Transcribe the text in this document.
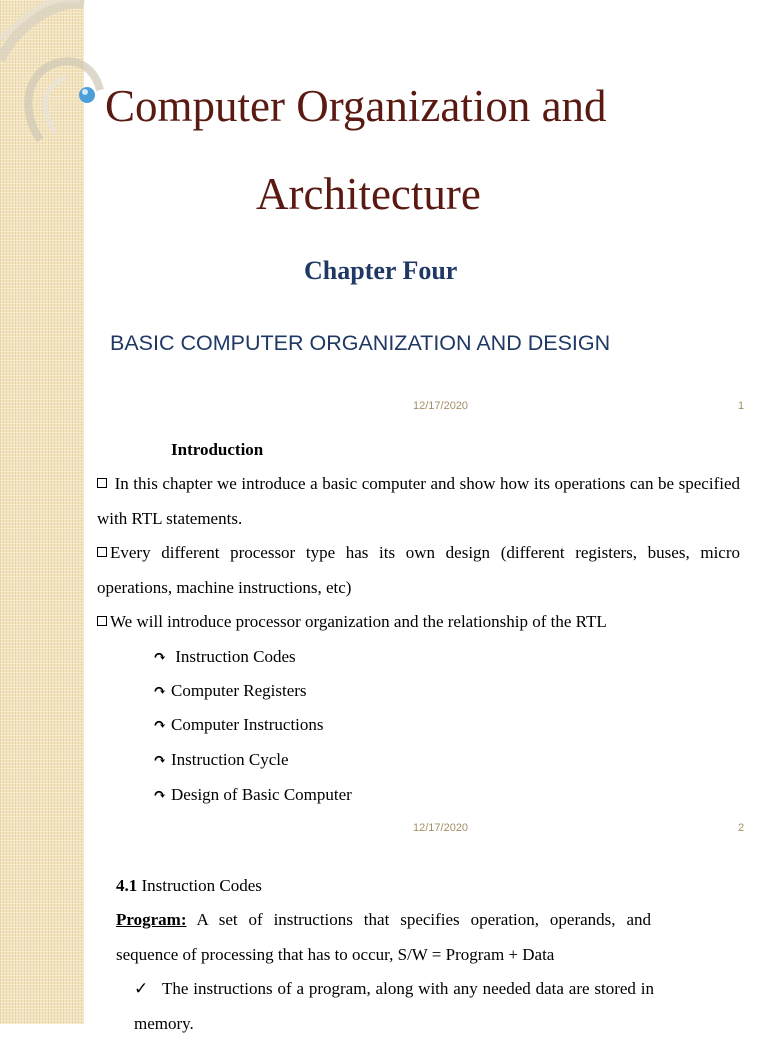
Computer Organization and
Architecture
Chapter Four
BASIC COMPUTER ORGANIZATION AND DESIGN
12/17/2020	1
Introduction
In this chapter we introduce a basic computer and show how its operations can be specified with RTL statements.
Every different processor type has its own design (different registers, buses, micro operations, machine instructions, etc)
We will introduce processor organization and the relationship of the RTL
↷ Instruction Codes
↷ Computer Registers
↷ Computer Instructions
↷ Instruction Cycle
↷ Design of Basic Computer
12/17/2020	2
4.1 Instruction Codes
Program: A set of instructions that specifies operation, operands, and sequence of processing that has to occur, S/W = Program + Data
✓ The instructions of a program, along with any needed data are stored in memory.
